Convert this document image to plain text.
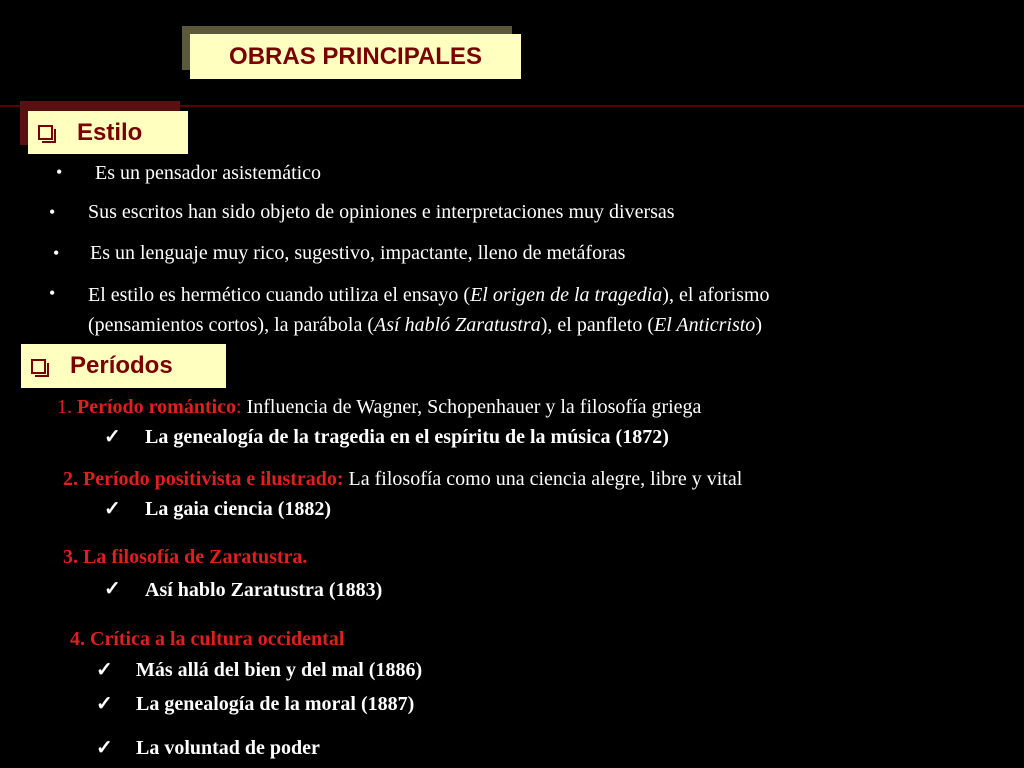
OBRAS PRINCIPALES
Estilo
• Es un pensador asistemático
• Sus escritos han sido objeto de opiniones e interpretaciones muy diversas
• Es un lenguaje muy rico, sugestivo, impactante, lleno de metáforas
• El estilo es hermético cuando utiliza el ensayo (El origen de la tragedia), el aforismo
(pensamientos cortos), la parábola (Así habló Zaratustra), el panfleto (El Anticristo)
Períodos
1. Período romántico: Influencia de Wagner, Schopenhauer y la filosofía griega
✓ La genealogía de la tragedia en el espíritu de la música (1872)
2. Período positivista e ilustrado: La filosofía como una ciencia alegre, libre y vital
✓ La gaia ciencia (1882)
3. La filosofía de Zaratustra.
✓ Así hablo Zaratustra (1883)
4. Crítica a la cultura occidental
✓ Más allá del bien y del mal (1886)
✓ La genealogía de la moral (1887)
✓ La voluntad de poder
